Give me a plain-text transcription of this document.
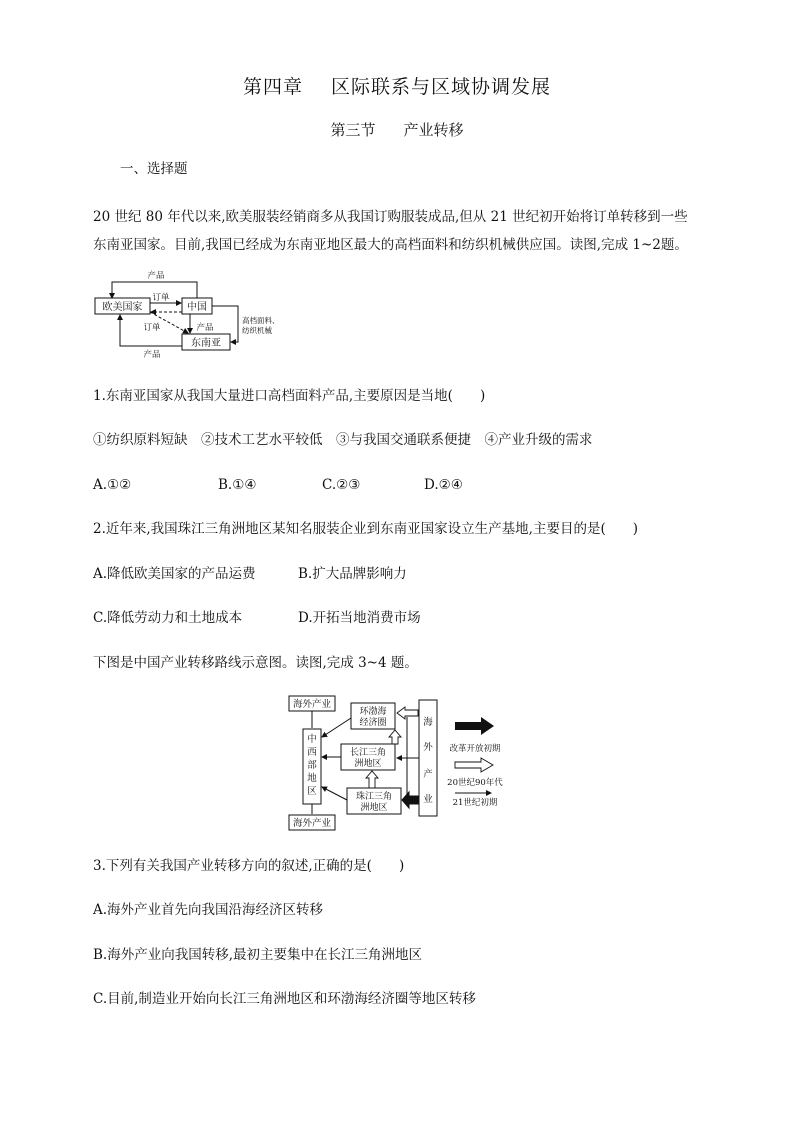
第四章 区际联系与区域协调发展
第三节 产业转移
一、选择题
20 世纪 80 年代以来,欧美服装经销商多从我国订购服装成品,但从 21 世纪初开始将订单转移到一些
东南亚国家。目前,我国已经成为东南亚地区最大的高档面料和纺织机械供应国。读图,完成 1~2题。
欧美国家	中国
东南亚
产品
订单
订单	产品
产品
高档面料、
纺织机械
1.东南亚国家从我国大量进口高档面料产品,主要原因是当地(　　)
①纺织原料短缺　②技术工艺水平较低　③与我国交通联系便捷　④产业升级的需求
A.①②	B.①④	C.②③	D.②④
2.近年来,我国珠江三角洲地区某知名服装企业到东南亚国家设立生产基地,主要目的是(　　)
A.降低欧美国家的产品运费	B.扩大品牌影响力
C.降低劳动力和土地成本	D.开拓当地消费市场
下图是中国产业转移路线示意图。读图,完成 3~4 题。
海外产业
海外产业
中
西
部
地
区
环渤海
经济圈
长江三角
洲地区
珠江三角
洲地区
海
外
产
业
改革开放初期
20世纪90年代
21世纪初期
3.下列有关我国产业转移方向的叙述,正确的是(　　)
A.海外产业首先向我国沿海经济区转移
B.海外产业向我国转移,最初主要集中在长江三角洲地区
C.目前,制造业开始向长江三角洲地区和环渤海经济圈等地区转移
